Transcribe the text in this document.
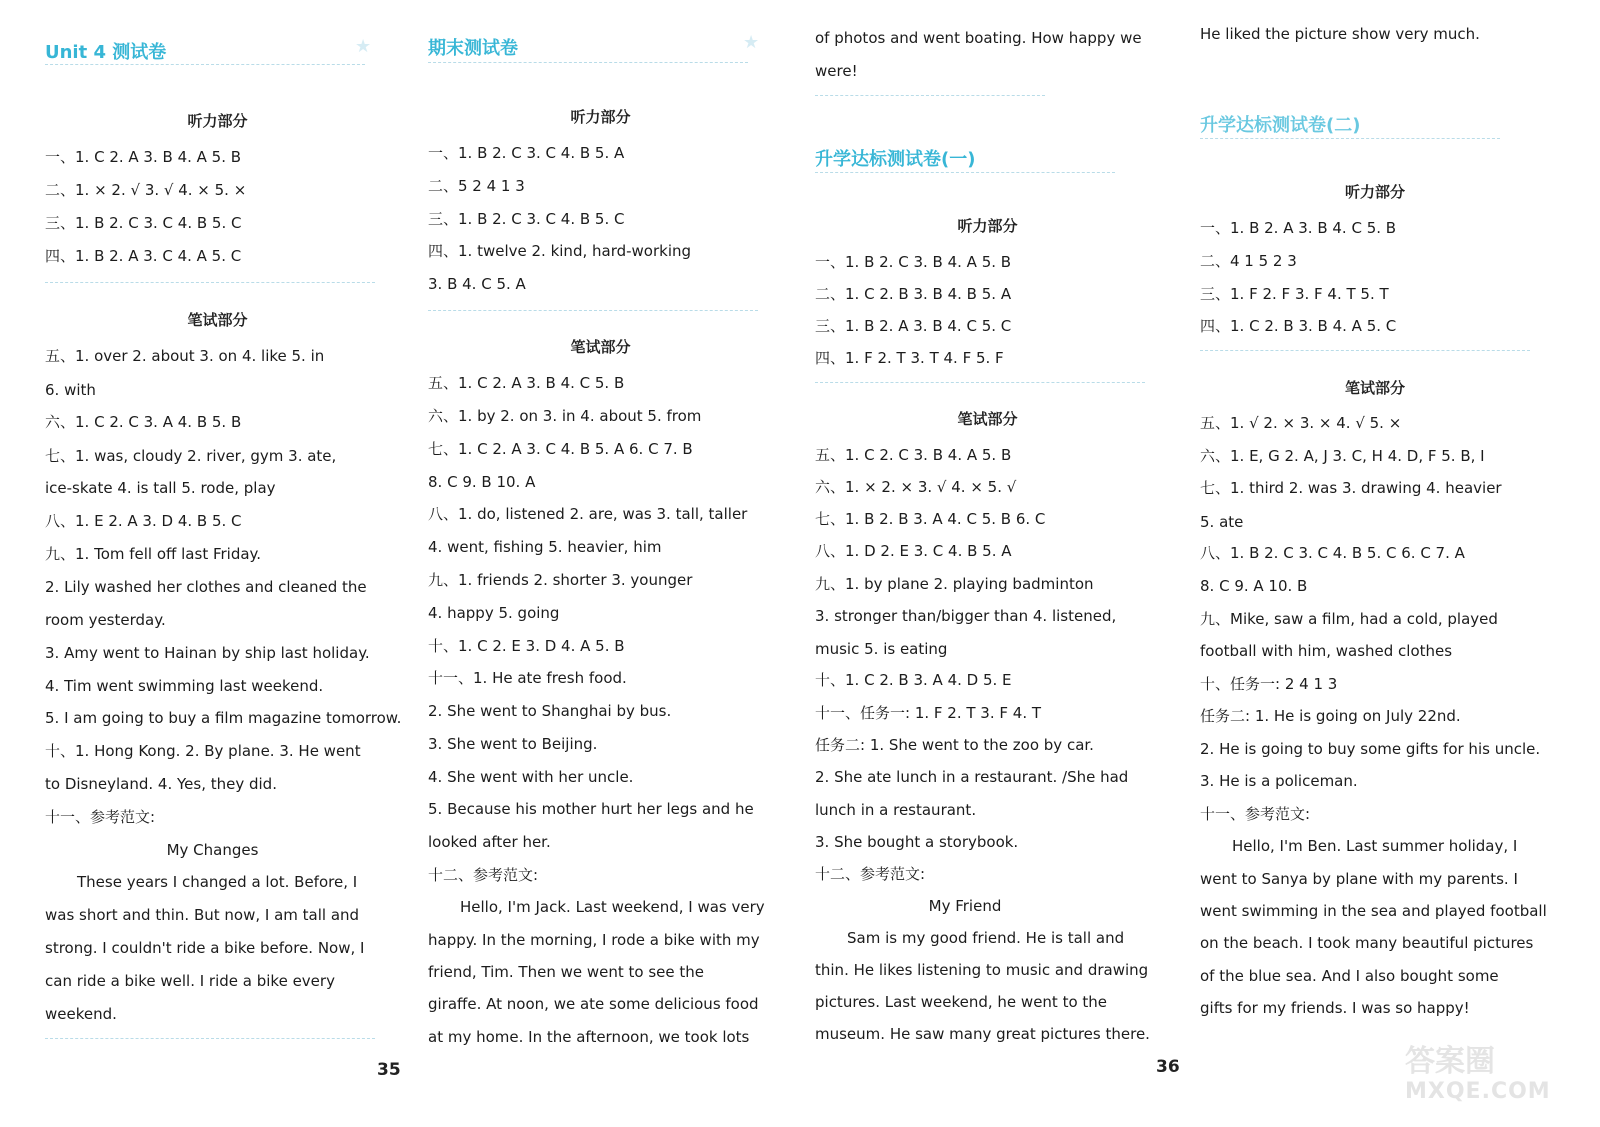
Unit 4 测试卷	★
听力部分
一、1. C 2. A 3. B 4. A 5. B
二、1. × 2. √ 3. √ 4. × 5. ×
三、1. B 2. C 3. C 4. B 5. C
四、1. B 2. A 3. C 4. A 5. C
笔试部分
五、1. over 2. about 3. on 4. like 5. in
6. with
六、1. C 2. C 3. A 4. B 5. B
七、1. was, cloudy 2. river, gym 3. ate,
ice-skate 4. is tall 5. rode, play
八、1. E 2. A 3. D 4. B 5. C
九、1. Tom fell off last Friday.
2. Lily washed her clothes and cleaned the
room yesterday.
3. Amy went to Hainan by ship last holiday.
4. Tim went swimming last weekend.
5. I am going to buy a film magazine tomorrow.
十、1. Hong Kong. 2. By plane. 3. He went
to Disneyland. 4. Yes, they did.
十一、参考范文:
My Changes
These years I changed a lot. Before, I
was short and thin. But now, I am tall and
strong. I couldn't ride a bike before. Now, I
can ride a bike well. I ride a bike every
weekend.
35
期末测试卷	★
听力部分
一、1. B 2. C 3. C 4. B 5. A
二、5 2 4 1 3
三、1. B 2. C 3. C 4. B 5. C
四、1. twelve 2. kind, hard-working
3. B 4. C 5. A
笔试部分
五、1. C 2. A 3. B 4. C 5. B
六、1. by 2. on 3. in 4. about 5. from
七、1. C 2. A 3. C 4. B 5. A 6. C 7. B
8. C 9. B 10. A
八、1. do, listened 2. are, was 3. tall, taller
4. went, fishing 5. heavier, him
九、1. friends 2. shorter 3. younger
4. happy 5. going
十、1. C 2. E 3. D 4. A 5. B
十一、1. He ate fresh food.
2. She went to Shanghai by bus.
3. She went to Beijing.
4. She went with her uncle.
5. Because his mother hurt her legs and he
looked after her.
十二、参考范文:
Hello, I'm Jack. Last weekend, I was very
happy. In the morning, I rode a bike with my
friend, Tim. Then we went to see the
giraffe. At noon, we ate some delicious food
at my home. In the afternoon, we took lots
of photos and went boating. How happy we
were!
升学达标测试卷(一)
听力部分
一、1. B 2. C 3. B 4. A 5. B
二、1. C 2. B 3. B 4. B 5. A
三、1. B 2. A 3. B 4. C 5. C
四、1. F 2. T 3. T 4. F 5. F
笔试部分
五、1. C 2. C 3. B 4. A 5. B
六、1. × 2. × 3. √ 4. × 5. √
七、1. B 2. B 3. A 4. C 5. B 6. C
八、1. D 2. E 3. C 4. B 5. A
九、1. by plane 2. playing badminton
3. stronger than/bigger than 4. listened,
music 5. is eating
十、1. C 2. B 3. A 4. D 5. E
十一、任务一: 1. F 2. T 3. F 4. T
任务二: 1. She went to the zoo by car.
2. She ate lunch in a restaurant. /She had
lunch in a restaurant.
3. She bought a storybook.
十二、参考范文:
My Friend
Sam is my good friend. He is tall and
thin. He likes listening to music and drawing
pictures. Last weekend, he went to the
museum. He saw many great pictures there.
He liked the picture show very much.
升学达标测试卷(二)
听力部分
一、1. B 2. A 3. B 4. C 5. B
二、4 1 5 2 3
三、1. F 2. F 3. F 4. T 5. T
四、1. C 2. B 3. B 4. A 5. C
笔试部分
五、1. √ 2. × 3. × 4. √ 5. ×
六、1. E, G 2. A, J 3. C, H 4. D, F 5. B, I
七、1. third 2. was 3. drawing 4. heavier
5. ate
八、1. B 2. C 3. C 4. B 5. C 6. C 7. A
8. C 9. A 10. B
九、Mike, saw a film, had a cold, played
football with him, washed clothes
十、任务一: 2 4 1 3
任务二: 1. He is going on July 22nd.
2. He is going to buy some gifts for his uncle.
3. He is a policeman.
十一、参考范文:
Hello, I'm Ben. Last summer holiday, I
went to Sanya by plane with my parents. I
went swimming in the sea and played football
on the beach. I took many beautiful pictures
of the blue sea. And I also bought some
gifts for my friends. I was so happy!
36	答案圈
MXQE.COM
